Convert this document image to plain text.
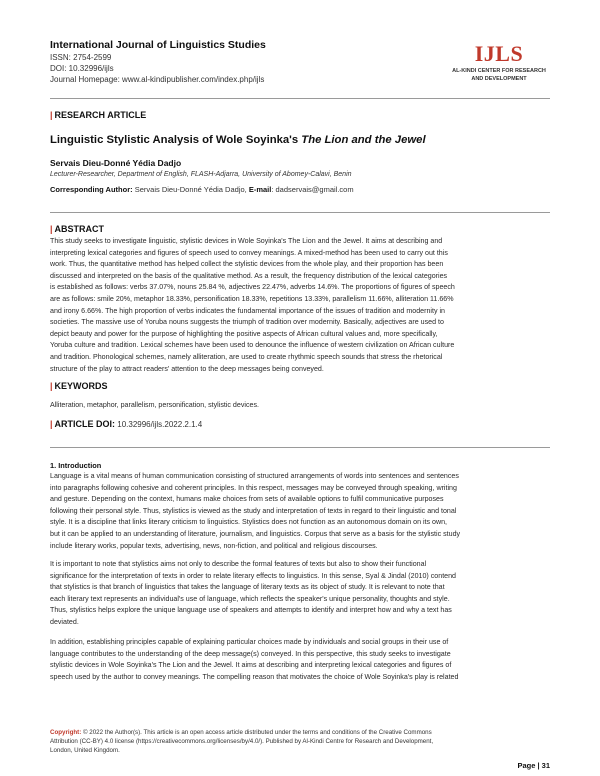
International Journal of Linguistics Studies
ISSN: 2754-2599
DOI: 10.32996/ijls
Journal Homepage: www.al-kindipublisher.com/index.php/ijls
IJLS
AL-KINDI CENTER FOR RESEARCH
AND DEVELOPMENT
| RESEARCH ARTICLE
Linguistic Stylistic Analysis of Wole Soyinka's The Lion and the Jewel
Servais Dieu-Donné Yédia Dadjo
Lecturer-Researcher, Department of English, FLASH-Adjarra, University of Abomey-Calavi, Benin
Corresponding Author: Servais Dieu-Donné Yédia Dadjo, E-mail: dadservais@gmail.com
| ABSTRACT
This study seeks to investigate linguistic, stylistic devices in Wole Soyinka's The Lion and the Jewel. It aims at describing and
interpreting lexical categories and figures of speech used to convey meanings. A mixed-method has been used to carry out this
work. Thus, the quantitative method has helped collect the stylistic devices from the whole play, and their proportion has been
discussed and interpreted on the basis of the qualitative method. As a result, the frequency distribution of the lexical categories
is established as follows: verbs 37.07%, nouns 25.84 %, adjectives 22.47%, adverbs 14.6%. The proportions of figures of speech
are as follows: smile 20%, metaphor 18.33%, personification 18.33%, repetitions 13.33%, parallelism 11.66%, alliteration 11.66%
and irony 6.66%. The high proportion of verbs indicates the fundamental importance of the issues of tradition and modernity in
societies. The massive use of Yoruba nouns suggests the triumph of tradition over modernity. Basically, adjectives are used to
depict beauty and power for the purpose of highlighting the positive aspects of African cultural values and, more specifically,
Yoruba culture and tradition. Lexical schemes have been used to denounce the influence of western civilization on African culture
and tradition. Phonological schemes, namely alliteration, are used to create rhythmic speech sounds that stress the rhetorical
structure of the play to attract readers' attention to the deep messages being conveyed.
| KEYWORDS
Alliteration, metaphor, parallelism, personification, stylistic devices.
| ARTICLE DOI: 10.32996/ijls.2022.2.1.4
1. Introduction
Language is a vital means of human communication consisting of structured arrangements of words into sentences and sentences
into paragraphs following cohesive and coherent principles. In this respect, messages may be conveyed through speaking, writing
and gesture. Depending on the context, humans make choices from sets of available options to fulfil communicative purposes
following their personal style. Thus, stylistics is viewed as the study and interpretation of texts in regard to their linguistic and tonal
style. It is a discipline that links literary criticism to linguistics. Stylistics does not function as an autonomous domain on its own,
but it can be applied to an understanding of literature, journalism, and linguistics. Corpus that serve as a basis for the stylistic study
include literary works, popular texts, advertising, news, non-fiction, and political and religious discourses.
It is important to note that stylistics aims not only to describe the formal features of texts but also to show their functional
significance for the interpretation of texts in order to relate literary effects to linguistics. In this sense, Syal & Jindal (2010) contend
that stylistics is that branch of linguistics that takes the language of literary texts as its object of study. It is relevant to note that
each literary text represents an individual's use of language, which reflects the speaker's unique personality, thoughts and style.
Thus, stylistics helps explore the unique language use of speakers and attempts to identify and interpret how and why a text has
deviated.
In addition, establishing principles capable of explaining particular choices made by individuals and social groups in their use of
language contributes to the understanding of the deep message(s) conveyed. In this perspective, this study seeks to investigate
stylistic devices in Wole Soyinka's The Lion and the Jewel. It aims at describing and interpreting lexical categories and figures of
speech used by the author to convey meanings. The compelling reason that motivates the choice of Wole Soyinka's play is related
Copyright: © 2022 the Author(s). This article is an open access article distributed under the terms and conditions of the Creative Commons
Attribution (CC-BY) 4.0 license (https://creativecommons.org/licenses/by/4.0/). Published by Al-Kindi Centre for Research and Development,
London, United Kingdom.
Page | 31
